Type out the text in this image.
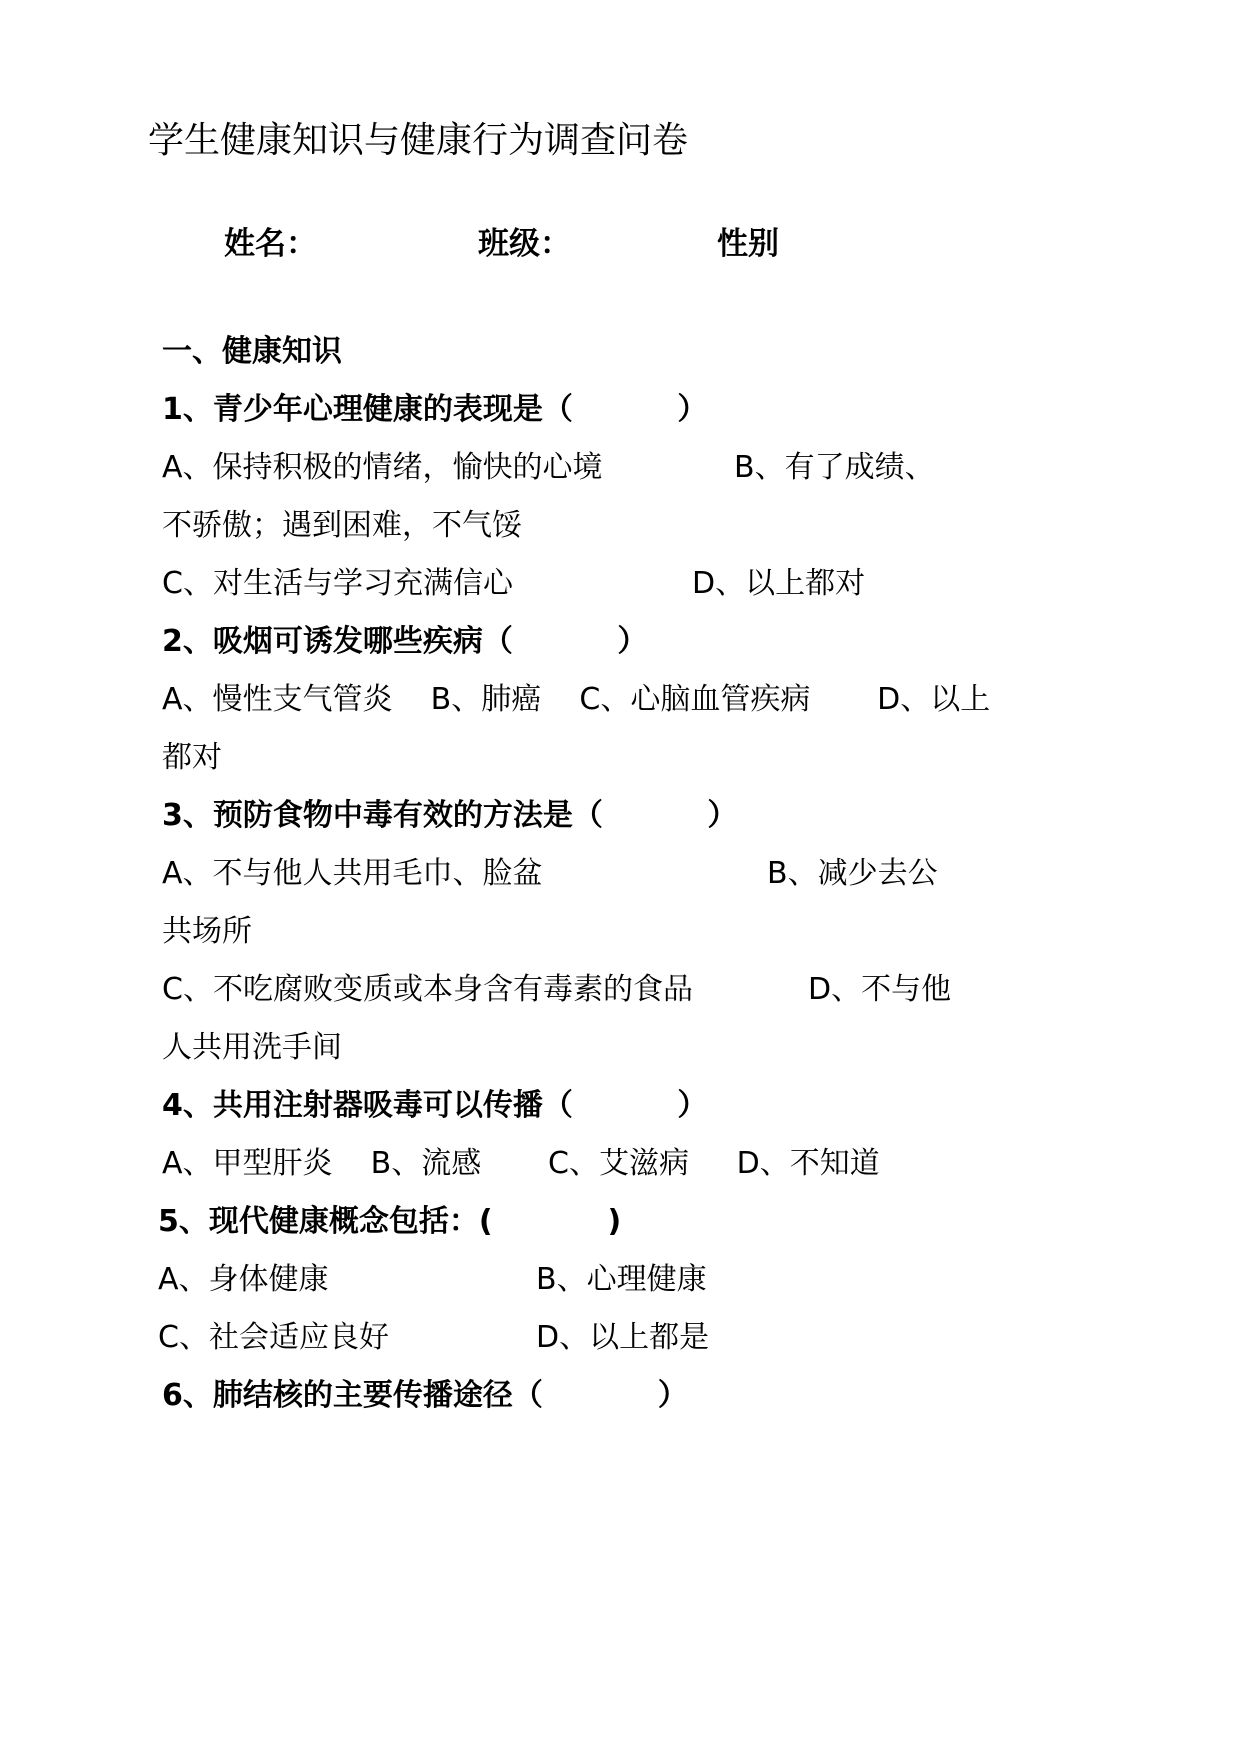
学生健康知识与健康行为调查问卷
姓名：	班级：	性别
一、健康知识
1、青少年心理健康的表现是（          ）
A、保持积极的情绪，愉快的心境	B、有了成绩、
不骄傲；遇到困难，不气馁
C、对生活与学习充满信心	D、以上都对
2、吸烟可诱发哪些疾病（          ）
A、慢性支气管炎    B、肺癌    C、心脑血管疾病       D、以上
都对
3、预防食物中毒有效的方法是（          ）
A、不与他人共用毛巾、脸盆	B、减少去公
共场所
C、不吃腐败变质或本身含有毒素的食品	D、不与他
人共用洗手间
4、共用注射器吸毒可以传播（          ）
A、甲型肝炎    B、流感       C、艾滋病     D、不知道
5、现代健康概念包括：(           )
A、身体健康	B、心理健康
C、社会适应良好	D、以上都是
6、肺结核的主要传播途径（           ）
